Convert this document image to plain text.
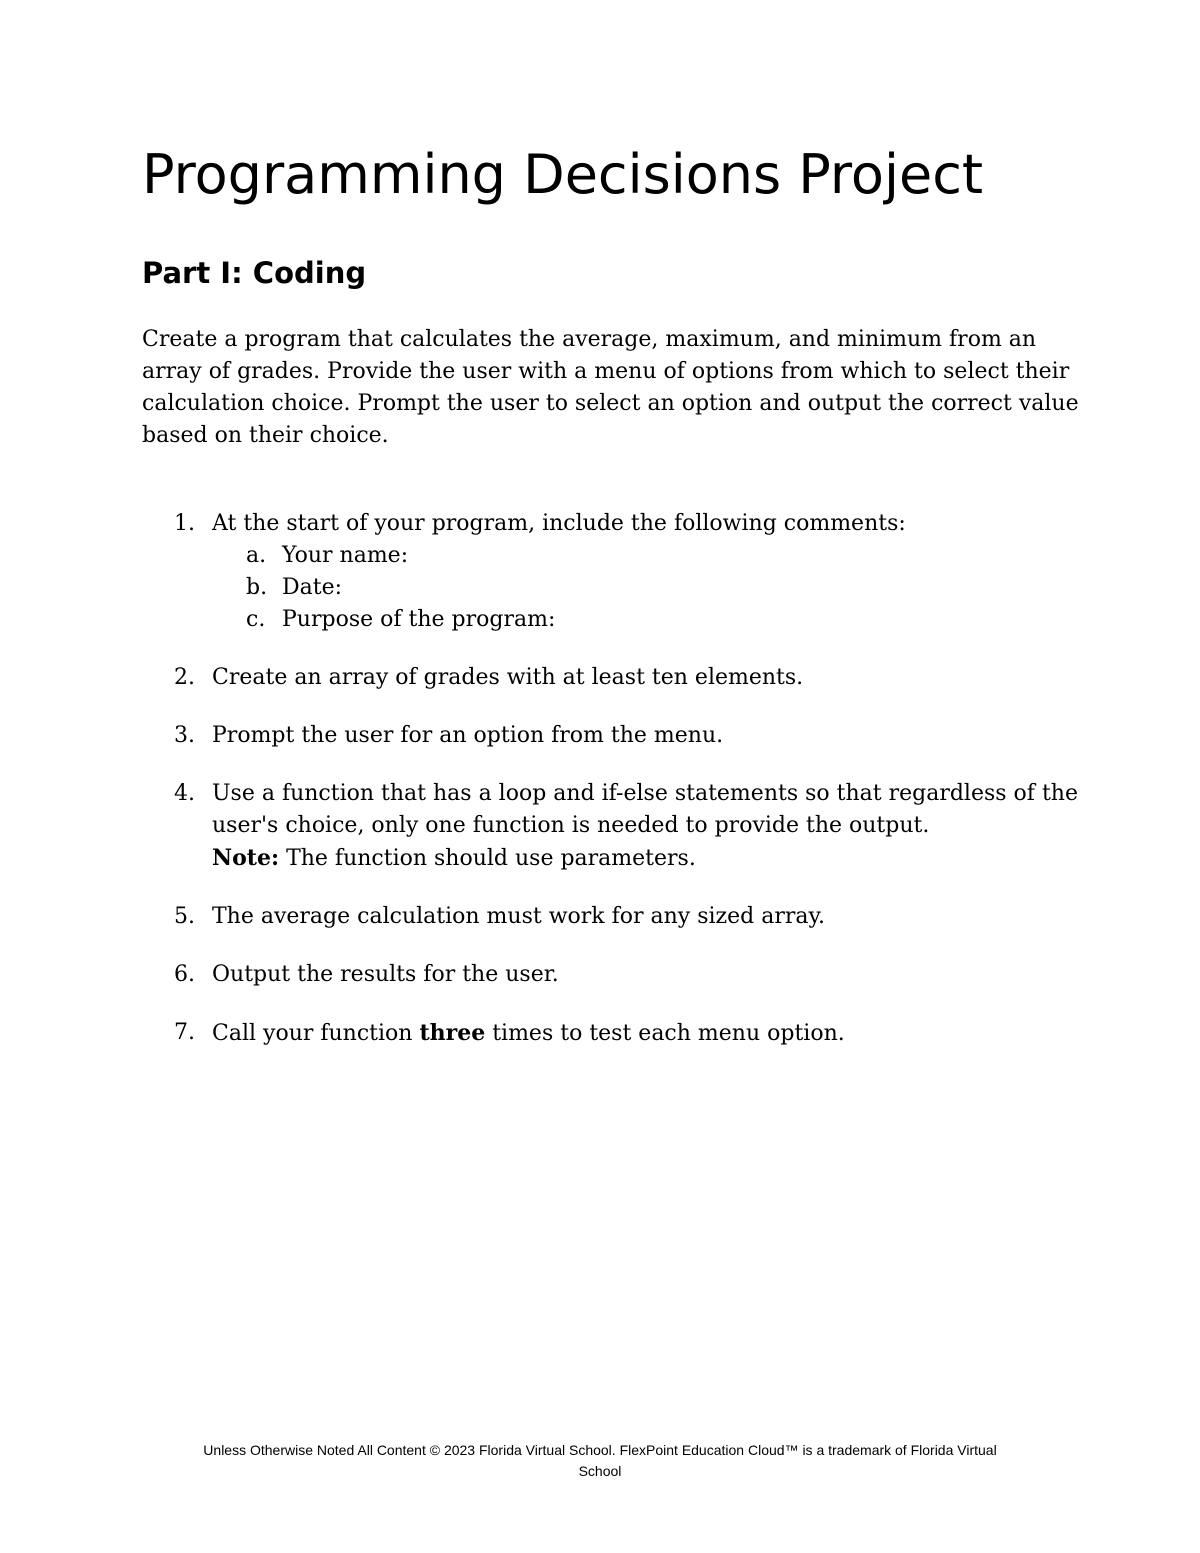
Programming Decisions Project
Part I: Coding

Create a program that calculates the average, maximum, and minimum from an
array of grades. Provide the user with a menu of options from which to select their
calculation choice. Prompt the user to select an option and output the correct value
based on their choice.

1. At the start of your program, include the following comments:
a. Your name:
b. Date:
c. Purpose of the program:
2. Create an array of grades with at least ten elements.
3. Prompt the user for an option from the menu.
4. Use a function that has a loop and if-else statements so that regardless of the
user's choice, only one function is needed to provide the output.
Note: The function should use parameters.
5. The average calculation must work for any sized array.
6. Output the results for the user.
7. Call your function three times to test each menu option.

Unless Otherwise Noted All Content © 2023 Florida Virtual School. FlexPoint Education Cloud™ is a trademark of Florida Virtual
School
